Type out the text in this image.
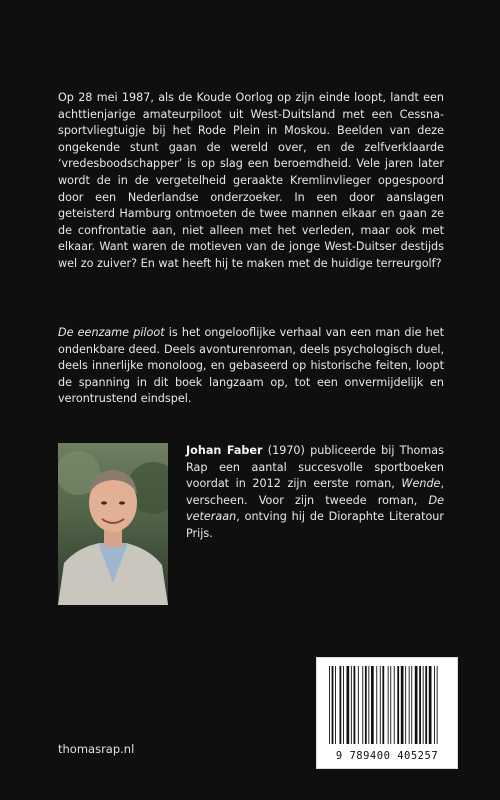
Op 28 mei 1987, als de Koude Oorlog op zijn einde loopt, landt een achttienjarige amateurpiloot uit West-Duitsland met een Cessna-sportvliegtuigje bij het Rode Plein in Moskou. Beelden van deze ongekende stunt gaan de wereld over, en de zelfverklaarde ‘vredesboodschapper’ is op slag een beroemdheid. Vele jaren later wordt de in de vergetelheid geraakte Kremlinvlieger opgespoord door een Nederlandse onderzoeker. In een door aanslagen geteisterd Hamburg ontmoeten de twee mannen elkaar en gaan ze de confrontatie aan, niet alleen met het verleden, maar ook met elkaar. Want waren de motieven van de jonge West-Duitser destijds wel zo zuiver? En wat heeft hij te maken met de huidige terreurgolf?

De eenzame piloot is het ongelooflijke verhaal van een man die het ondenkbare deed. Deels avonturenroman, deels psychologisch duel, deels innerlijke monoloog, en gebaseerd op historische feiten, loopt de spanning in dit boek langzaam op, tot een onvermijdelijk en verontrustend eindspel.

Johan Faber (1970) publiceerde bij Thomas Rap een aantal succesvolle sportboeken voordat in 2012 zijn eerste roman, Wende, verscheen. Voor zijn tweede roman, De veteraan, ontving hij de Dioraphte Literatour Prijs.

9 789400 405257
thomasrap.nl
